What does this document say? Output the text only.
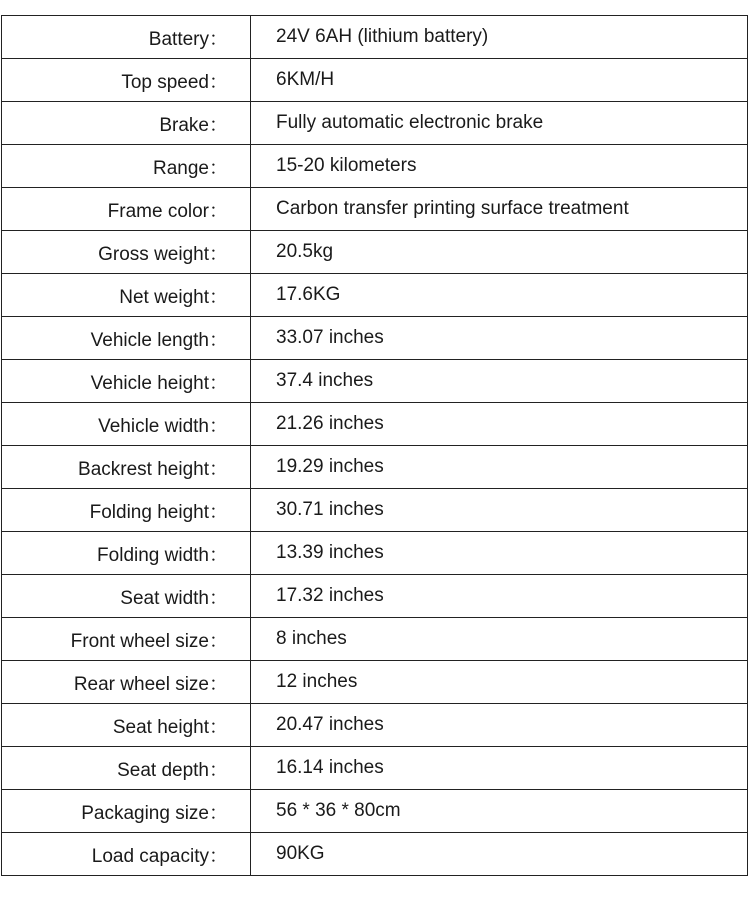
Battery：	24V 6AH (lithium battery)
Top speed：	6KM/H
Brake：	Fully automatic electronic brake
Range：	15-20 kilometers
Frame color：	Carbon transfer printing surface treatment
Gross weight：	20.5kg
Net weight：	17.6KG
Vehicle length：	33.07 inches
Vehicle height：	37.4 inches
Vehicle width：	21.26 inches
Backrest height：	19.29 inches
Folding height：	30.71 inches
Folding width：	13.39 inches
Seat width：	17.32 inches
Front wheel size：	8 inches
Rear wheel size：	12 inches
Seat height：	20.47 inches
Seat depth：	16.14 inches
Packaging size：	56 * 36 * 80cm
Load capacity：	90KG
